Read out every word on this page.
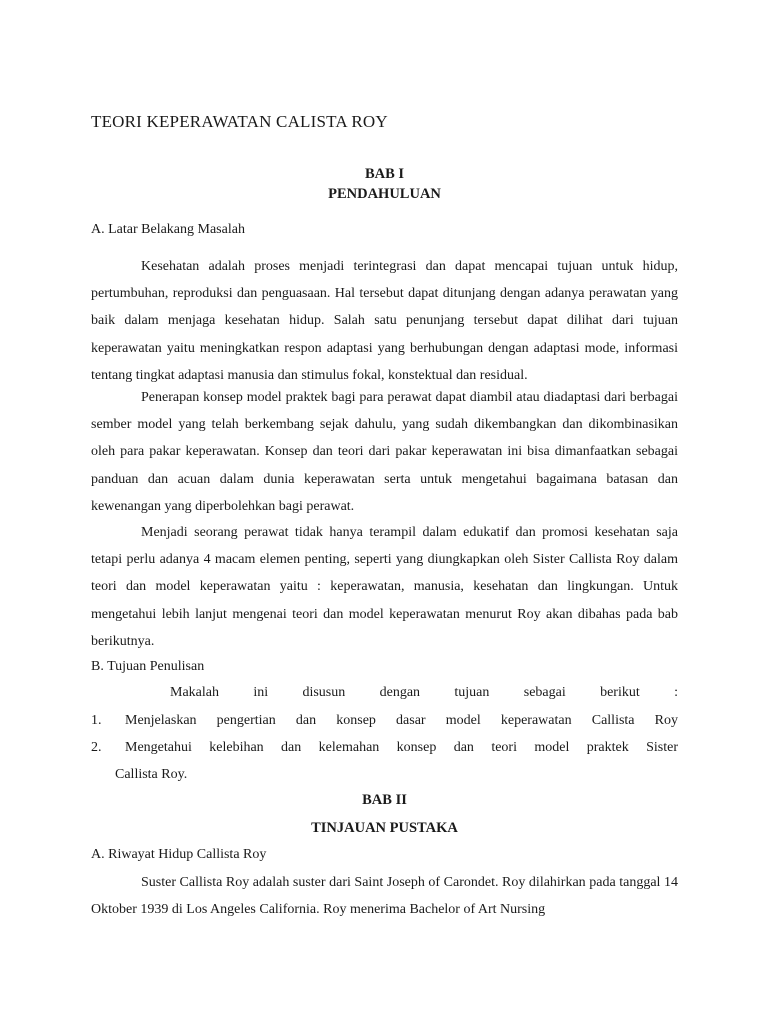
TEORI KEPERAWATAN CALISTA ROY
BAB I
PENDAHULUAN
A. Latar Belakang Masalah

Kesehatan adalah proses menjadi terintegrasi dan dapat mencapai tujuan untuk hidup, pertumbuhan, reproduksi dan penguasaan. Hal tersebut dapat ditunjang dengan adanya perawatan yang baik dalam menjaga kesehatan hidup. Salah satu penunjang tersebut dapat dilihat dari tujuan keperawatan yaitu meningkatkan respon adaptasi yang berhubungan dengan adaptasi mode, informasi tentang tingkat adaptasi manusia dan stimulus fokal, konstektual dan residual.

Penerapan konsep model praktek bagi para perawat dapat diambil atau diadaptasi dari berbagai sember model yang telah berkembang sejak dahulu, yang sudah dikembangkan dan dikombinasikan oleh para pakar keperawatan. Konsep dan teori dari pakar keperawatan ini bisa dimanfaatkan sebagai panduan dan acuan dalam dunia keperawatan serta untuk mengetahui bagaimana batasan dan kewenangan yang diperbolehkan bagi perawat.

Menjadi seorang perawat tidak hanya terampil dalam edukatif dan promosi kesehatan saja tetapi perlu adanya 4 macam elemen penting, seperti yang diungkapkan oleh Sister Callista Roy dalam teori dan model keperawatan yaitu : keperawatan, manusia, kesehatan dan lingkungan. Untuk mengetahui lebih lanjut mengenai teori dan model keperawatan menurut Roy akan dibahas pada bab berikutnya.

B. Tujuan Penulisan
Makalah ini disusun dengan tujuan sebagai berikut :
1.	Menjelaskan pengertian dan konsep dasar model keperawatan Callista Roy
2.	Mengetahui kelebihan dan kelemahan konsep dan teori model praktek Sister
Callista Roy.
BAB II
TINJAUAN PUSTAKA
A. Riwayat Hidup Callista Roy

Suster Callista Roy adalah suster dari Saint Joseph of Carondet. Roy dilahirkan pada tanggal 14 Oktober 1939 di Los Angeles California. Roy menerima Bachelor of Art Nursing
